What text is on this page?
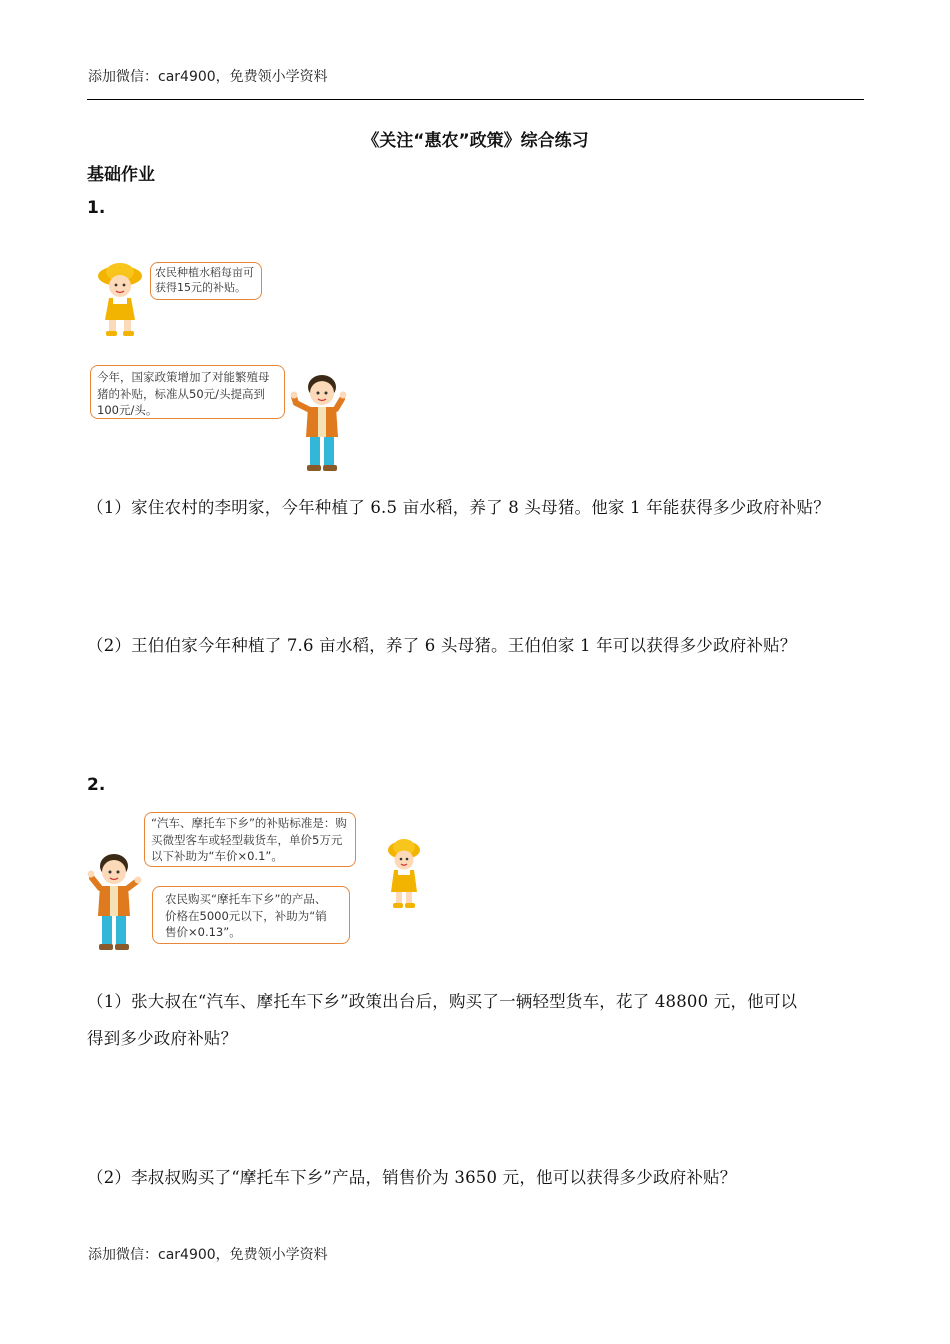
添加微信：car4900，免费领小学资料
《关注“惠农”政策》综合练习
基础作业
1.
农民种植水稻每亩可获得15元的补贴。
今年，国家政策增加了对能繁殖母猪的补贴，标准从50元/头提高到100元/头。
（1）家住农村的李明家，今年种植了 6.5 亩水稻，养了 8 头母猪。他家 1 年能获得多少政府补贴？
（2）王伯伯家今年种植了 7.6 亩水稻，养了 6 头母猪。王伯伯家 1 年可以获得多少政府补贴？
2.
“汽车、摩托车下乡”的补贴标准是：购买微型客车或轻型载货车，单价5万元以下补助为“车价×0.1”。
农民购买“摩托车下乡”的产品、价格在5000元以下，补助为“销售价×0.13”。
（1）张大叔在“汽车、摩托车下乡”政策出台后，购买了一辆轻型货车，花了 48800 元，他可以
得到多少政府补贴？
（2）李叔叔购买了“摩托车下乡”产品，销售价为 3650 元，他可以获得多少政府补贴？
添加微信：car4900，免费领小学资料
